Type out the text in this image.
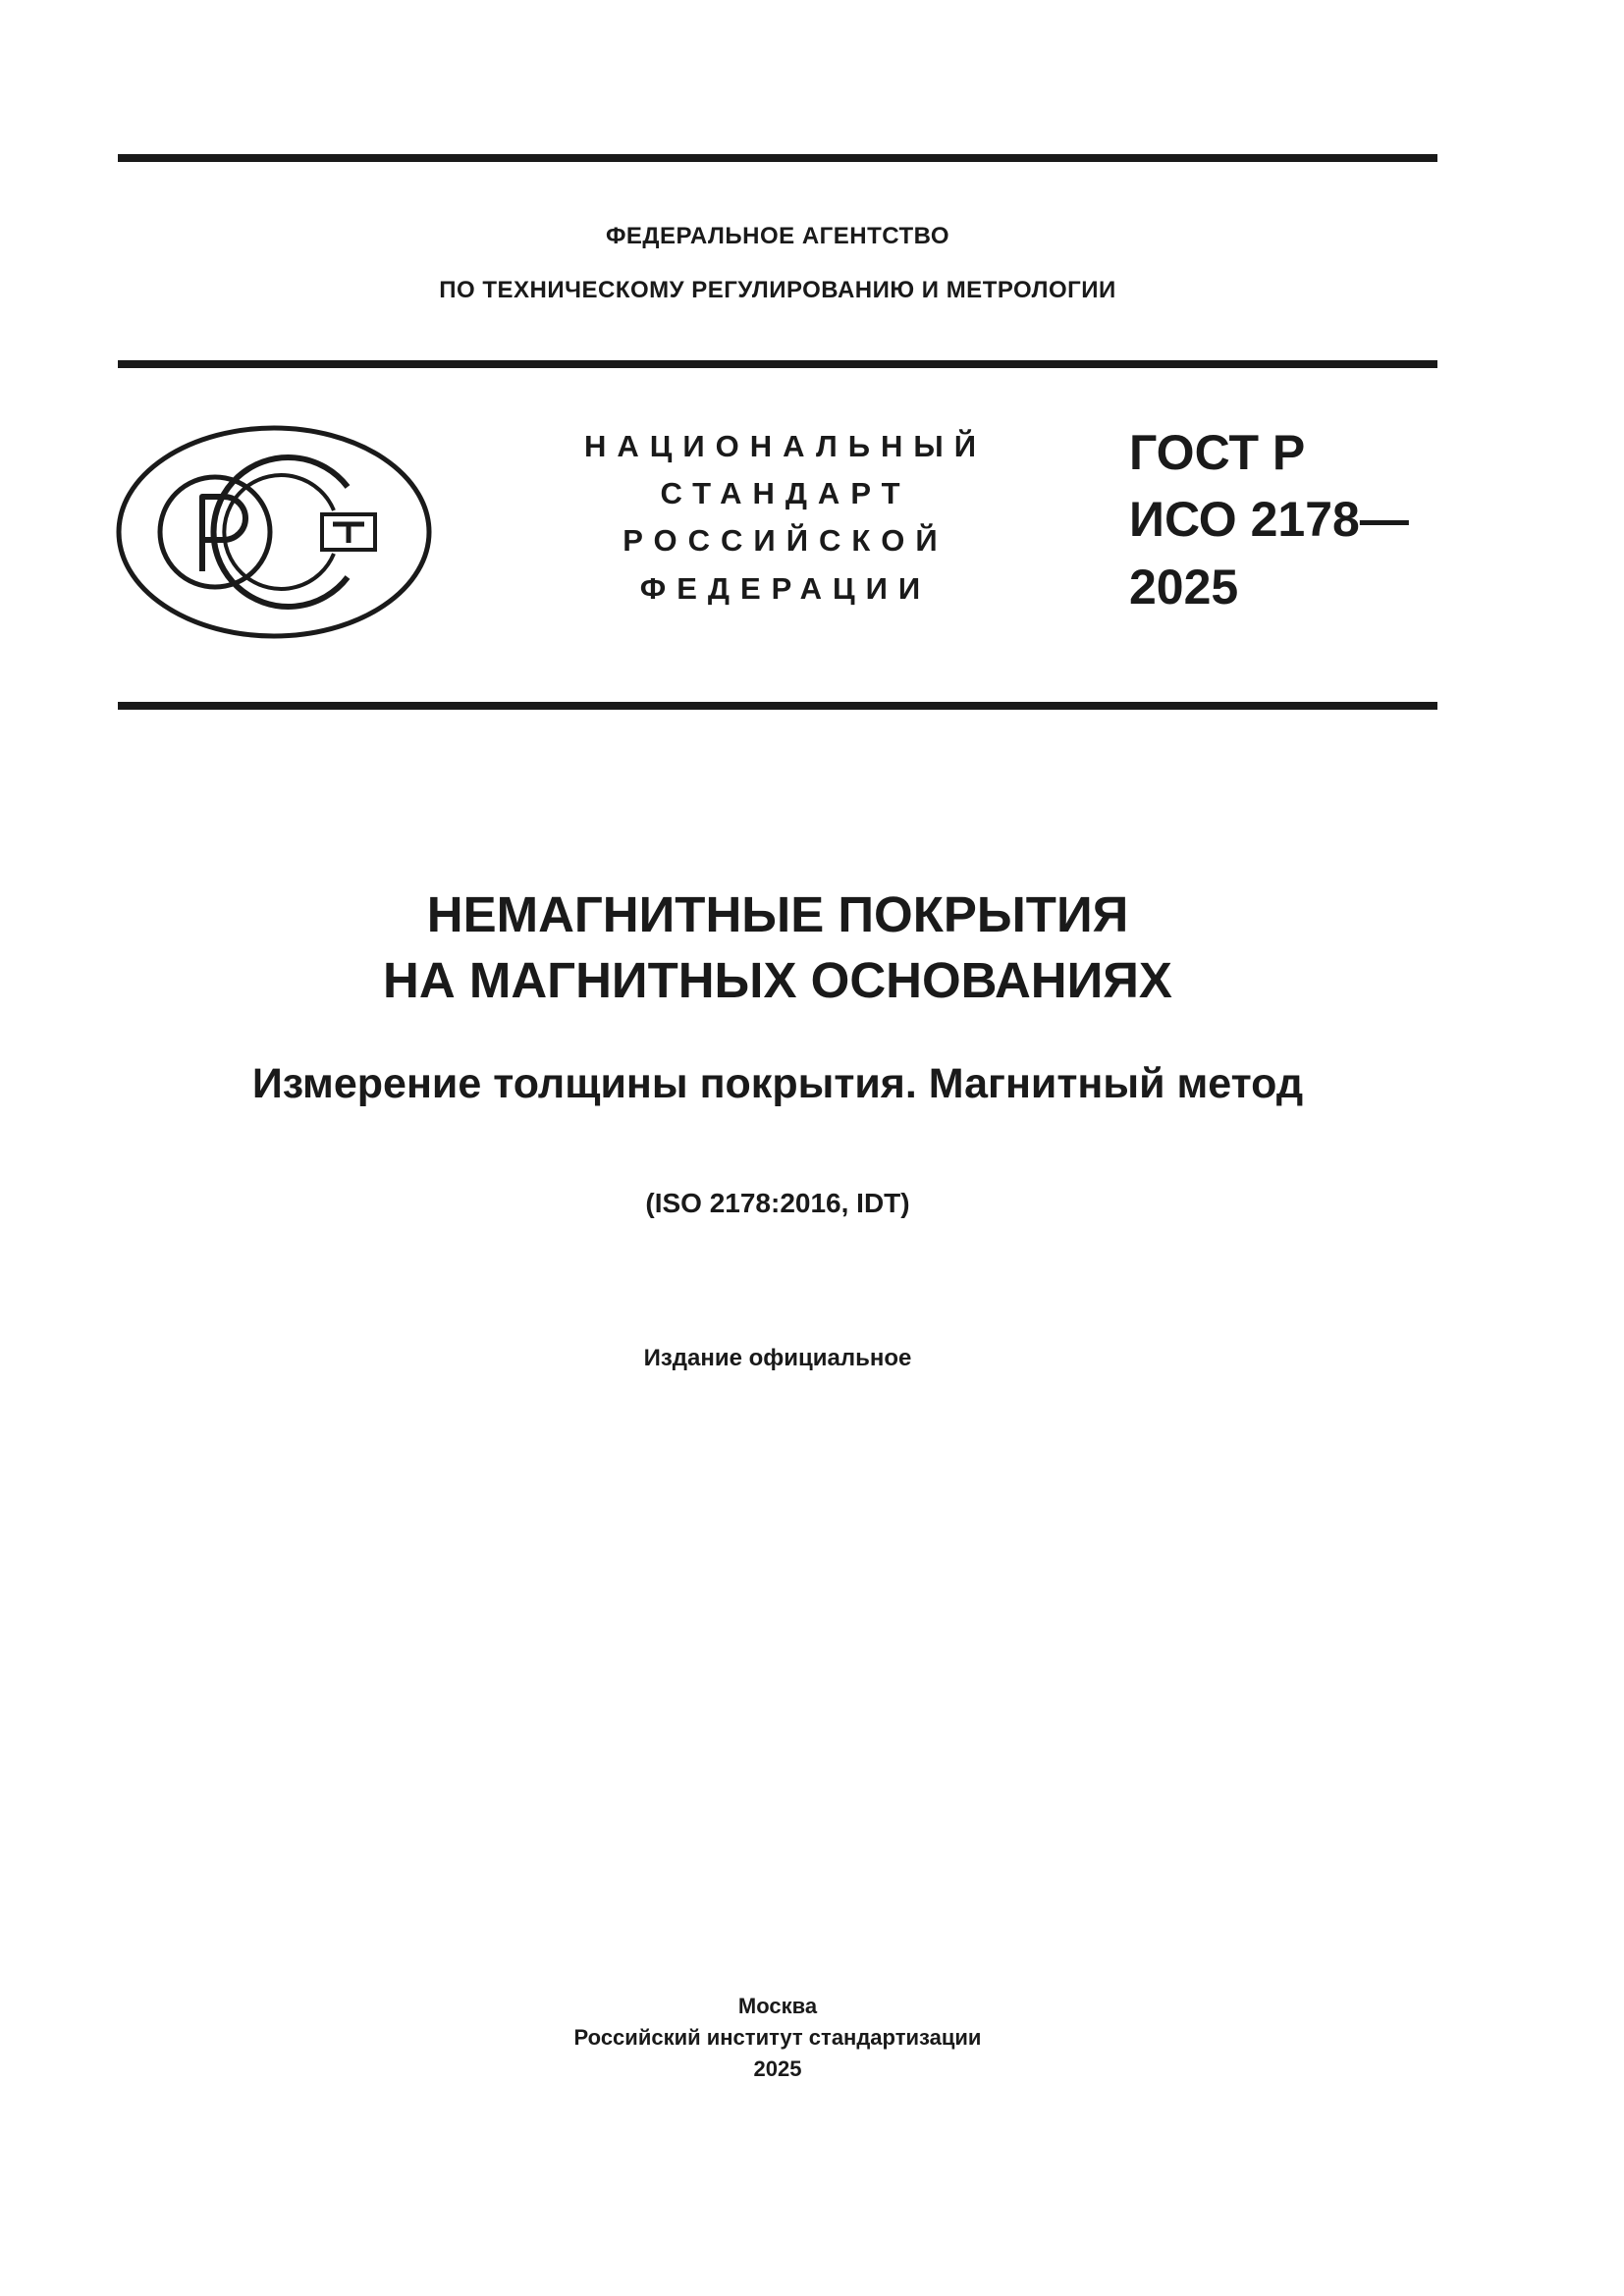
ФЕДЕРАЛЬНОЕ АГЕНТСТВО
ПО ТЕХНИЧЕСКОМУ РЕГУЛИРОВАНИЮ И МЕТРОЛОГИИ
НАЦИОНАЛЬНЫЙ
СТАНДАРТ
РОССИЙСКОЙ
ФЕДЕРАЦИИ
ГОСТ Р
ИСО 2178—
2025
НЕМАГНИТНЫЕ ПОКРЫТИЯ
НА МАГНИТНЫХ ОСНОВАНИЯХ
Измерение толщины покрытия. Магнитный метод
(ISO 2178:2016, IDT)
Издание официальное
Москва
Российский институт стандартизации
2025
